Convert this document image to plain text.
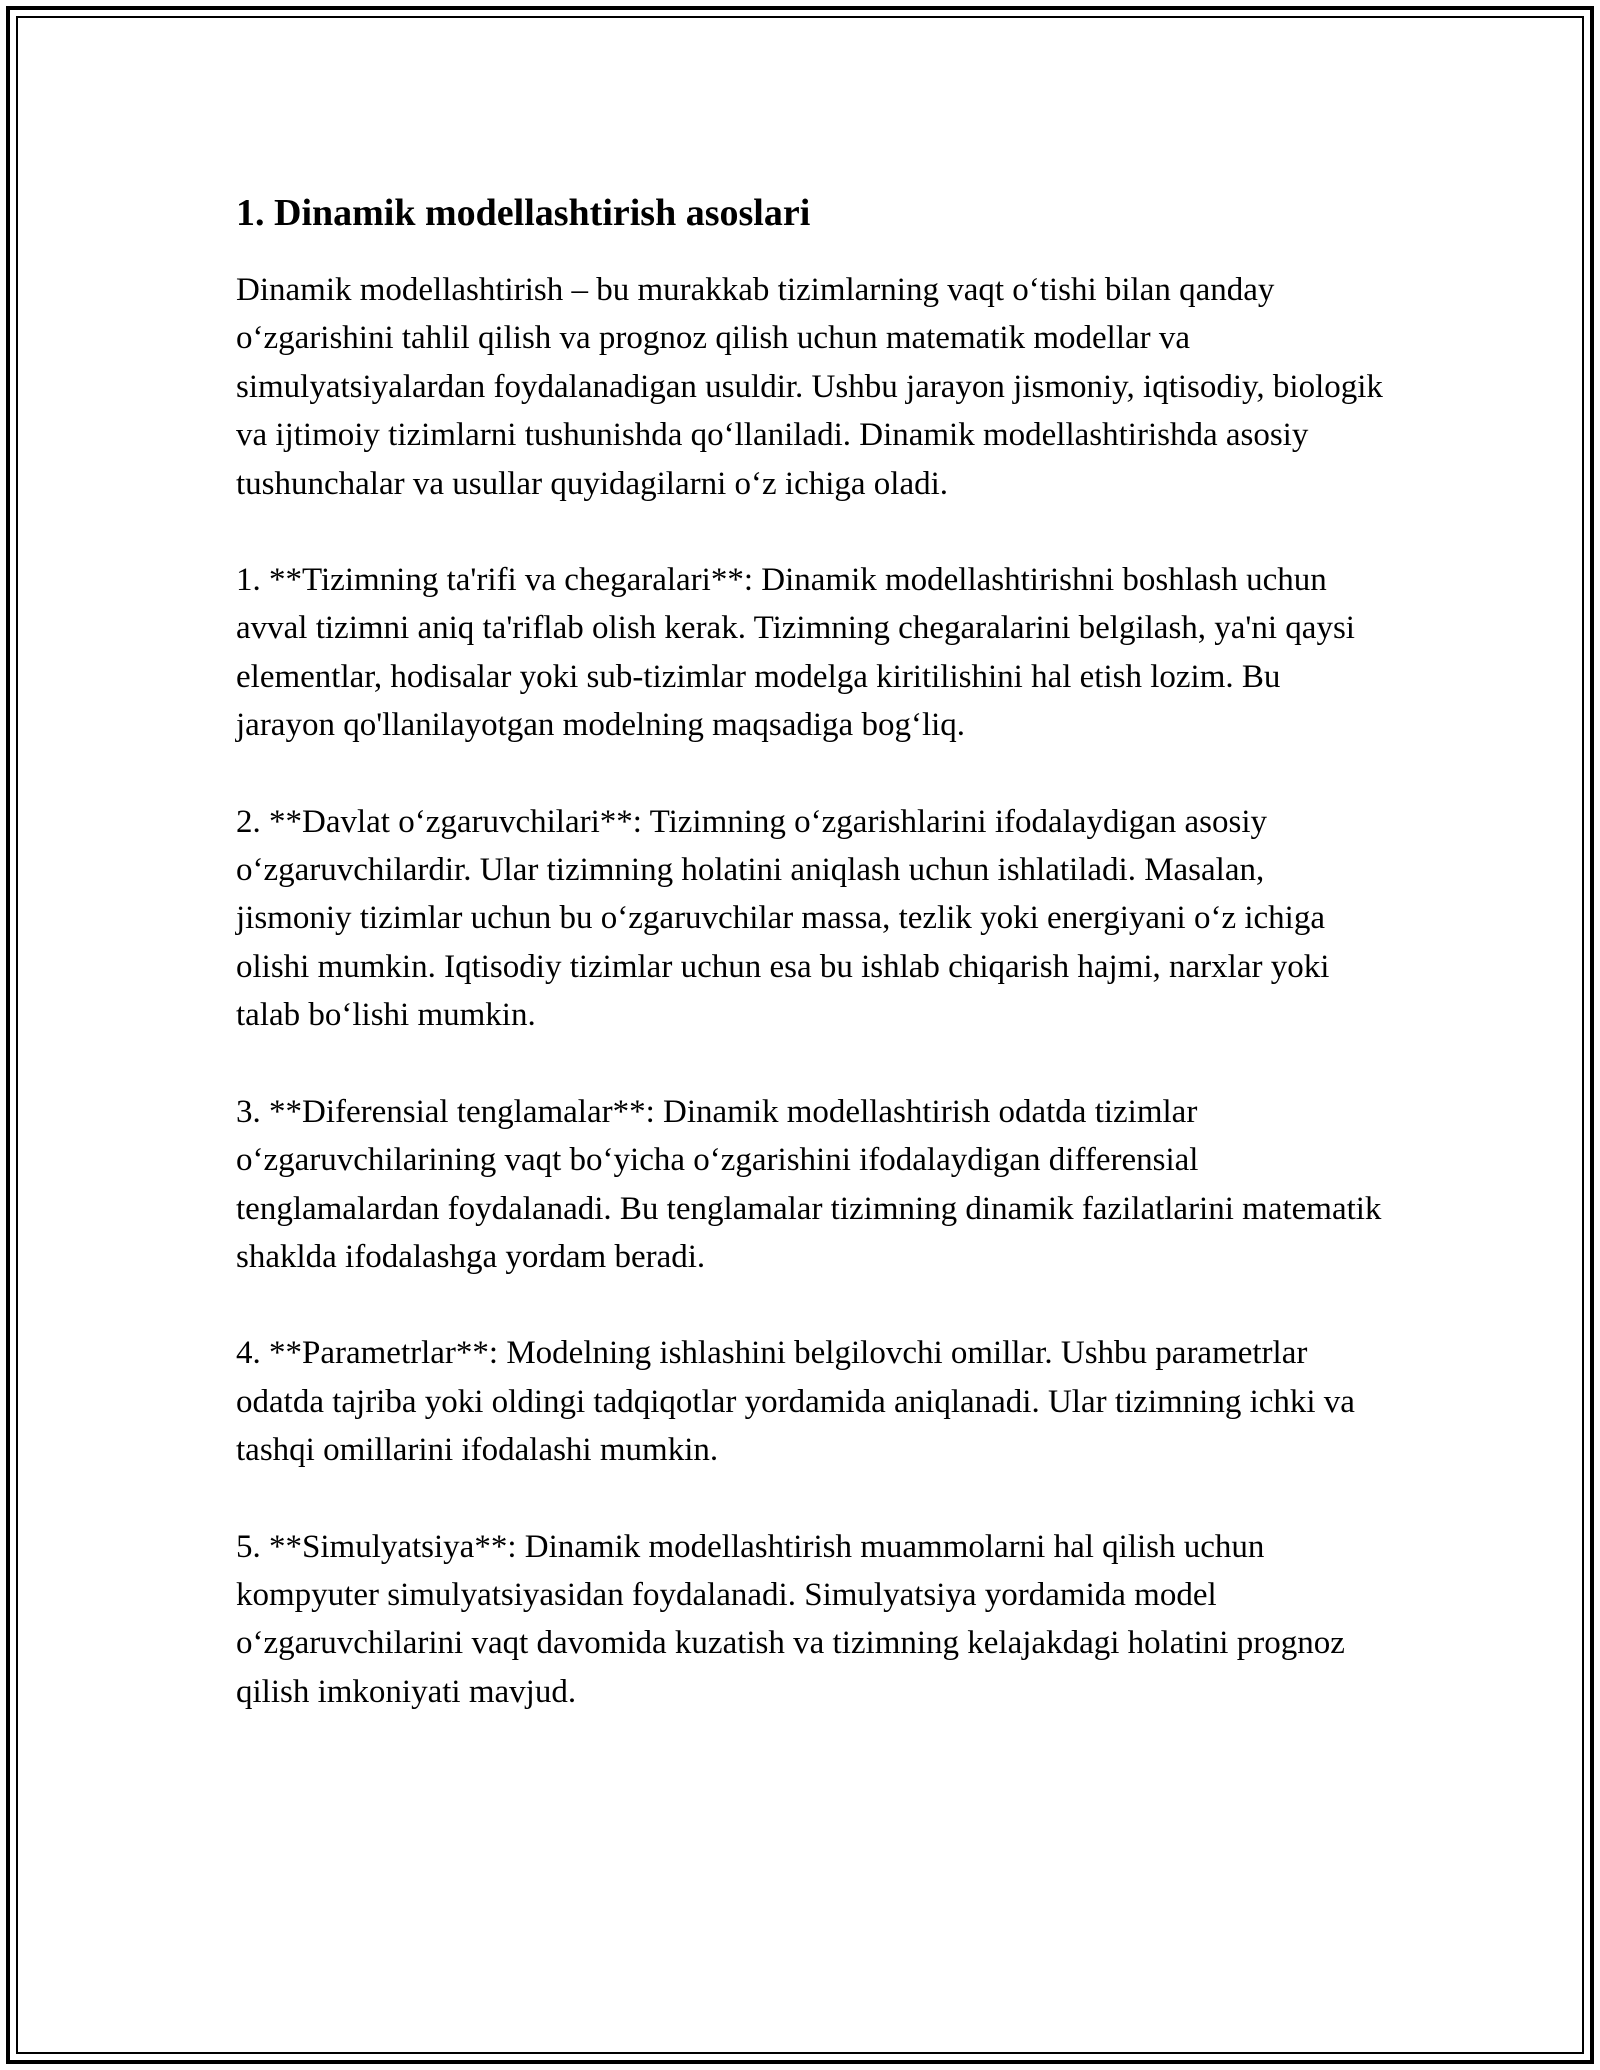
1. Dinamik modellashtirish asoslari

Dinamik modellashtirish – bu murakkab tizimlarning vaqt o‘tishi bilan qanday o‘zgarishini tahlil qilish va prognoz qilish uchun matematik modellar va simulyatsiyalardan foydalanadigan usuldir. Ushbu jarayon jismoniy, iqtisodiy, biologik va ijtimoiy tizimlarni tushunishda qo‘llaniladi. Dinamik modellashtirishda asosiy tushunchalar va usullar quyidagilarni o‘z ichiga oladi.

1. **Tizimning ta'rifi va chegaralari**: Dinamik modellashtirishni boshlash uchun avval tizimni aniq ta'riflab olish kerak. Tizimning chegaralarini belgilash, ya'ni qaysi elementlar, hodisalar yoki sub-tizimlar modelga kiritilishini hal etish lozim. Bu jarayon qo'llanilayotgan modelning maqsadiga bog‘liq.

2. **Davlat o‘zgaruvchilari**: Tizimning o‘zgarishlarini ifodalaydigan asosiy o‘zgaruvchilardir. Ular tizimning holatini aniqlash uchun ishlatiladi. Masalan, jismoniy tizimlar uchun bu o‘zgaruvchilar massa, tezlik yoki energiyani o‘z ichiga olishi mumkin. Iqtisodiy tizimlar uchun esa bu ishlab chiqarish hajmi, narxlar yoki talab bo‘lishi mumkin.

3. **Diferensial tenglamalar**: Dinamik modellashtirish odatda tizimlar o‘zgaruvchilarining vaqt bo‘yicha o‘zgarishini ifodalaydigan differensial tenglamalardan foydalanadi. Bu tenglamalar tizimning dinamik fazilatlarini matematik shaklda ifodalashga yordam beradi.

4. **Parametrlar**: Modelning ishlashini belgilovchi omillar. Ushbu parametrlar odatda tajriba yoki oldingi tadqiqotlar yordamida aniqlanadi. Ular tizimning ichki va tashqi omillarini ifodalashi mumkin.

5. **Simulyatsiya**: Dinamik modellashtirish muammolarni hal qilish uchun kompyuter simulyatsiyasidan foydalanadi. Simulyatsiya yordamida model o‘zgaruvchilarini vaqt davomida kuzatish va tizimning kelajakdagi holatini prognoz qilish imkoniyati mavjud.
